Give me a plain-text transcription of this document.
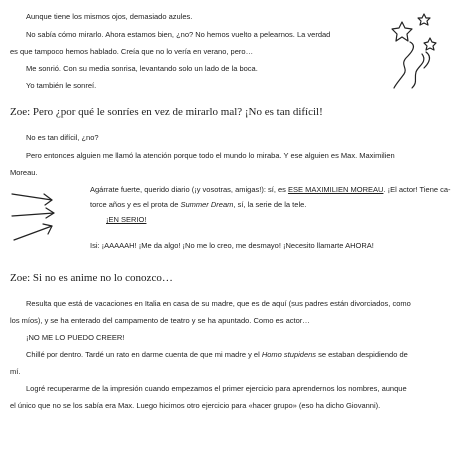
Aunque tiene los mismos ojos, demasiado azules.

No sabía cómo mirarlo. Ahora estamos bien, ¿no? No hemos vuelto a pelearnos. La verdad

es que tampoco hemos hablado. Creía que no lo vería en verano, pero…

Me sonrió. Con su media sonrisa, levantando solo un lado de la boca.

Yo también le sonreí.

Zoe: Pero ¿por qué le sonríes en vez de mirarlo mal? ¡No es tan difícil!

No es tan difícil, ¿no?

Pero entonces alguien me llamó la atención porque todo el mundo lo miraba. Y ese alguien es Max. Maximilien

Moreau.

Agárrate fuerte, querido diario (¡y vosotras, amigas!): sí, es ESE MAXIMILIEN MOREAU. ¡El actor! Tiene ca-

torce años y es el prota de Summer Dream, sí, la serie de la tele.

¡EN SERIO!

Isi: ¡AAAAAH! ¡Me da algo! ¡No me lo creo, me desmayo! ¡Necesito llamarte AHORA!

Zoe: Si no es anime no lo conozco…

Resulta que está de vacaciones en Italia en casa de su madre, que es de aquí (sus padres están divorciados, como

los míos), y se ha enterado del campamento de teatro y se ha apuntado. Como es actor…

¡NO ME LO PUEDO CREER!

Chillé por dentro. Tardé un rato en darme cuenta de que mi madre y el Homo stupidens se estaban despidiendo de

mí.

Logré recuperarme de la impresión cuando empezamos el primer ejercicio para aprendernos los nombres, aunque

el único que no se los sabía era Max. Luego hicimos otro ejercicio para «hacer grupo» (eso ha dicho Giovanni).
